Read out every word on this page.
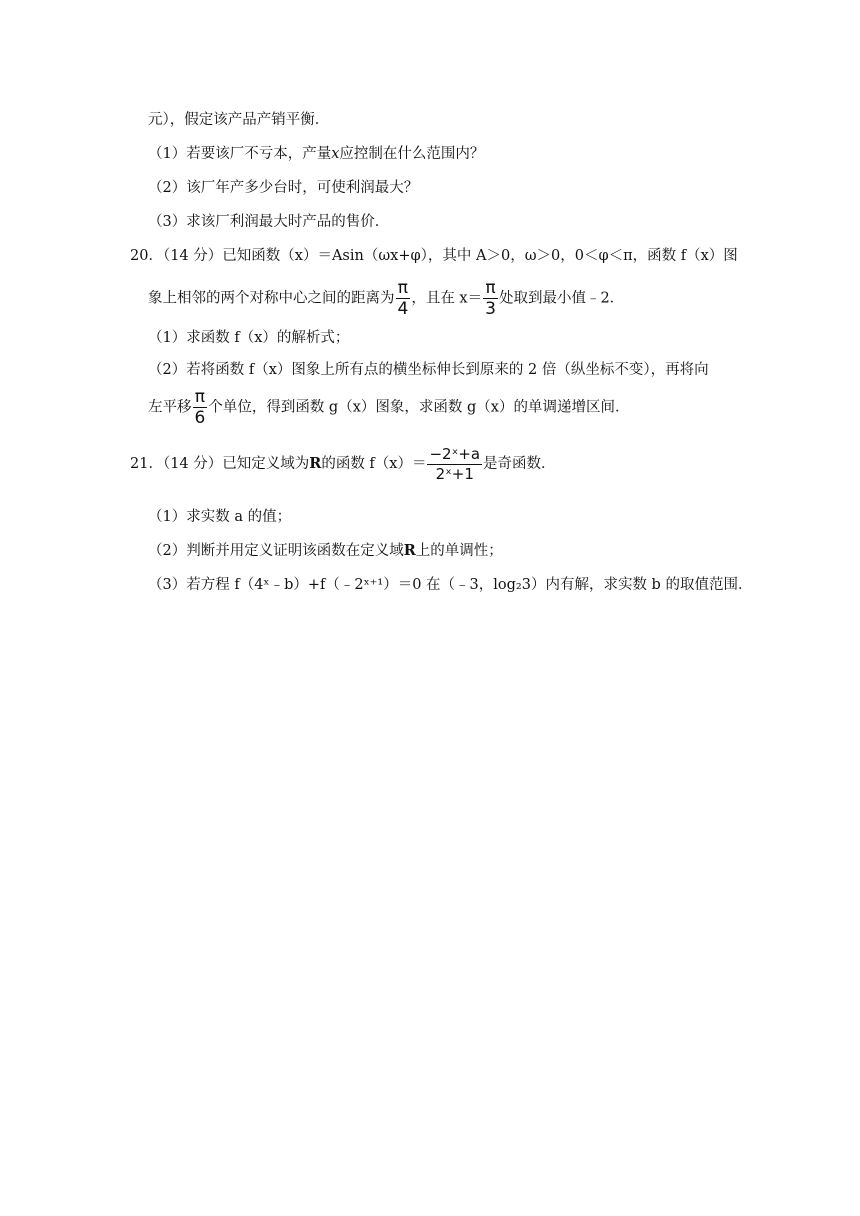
元），假定该产品产销平衡．
（1）若要该厂不亏本，产量x应控制在什么范围内？
（2）该厂年产多少台时，可使利润最大？
（3）求该厂利润最大时产品的售价．
20．（14 分）已知函数（x）＝Asin（ωx+φ），其中 A＞0，ω＞0，0＜φ＜π，函数 f（x）图
象上相邻的两个对称中心之间的距离为 $\frac{\pi}{4}$ ，且在 $x= \frac{\pi}{3}$ 处取到最小值﹣2．
（1）求函数 f（x）的解析式；
（2）若将函数 f（x）图象上所有点的横坐标伸长到原来的 2 倍（纵坐标不变），再将向
左平移 $\frac{\pi}{6}$ 个单位，得到函数 g（x）图象，求函数 g（x）的单调递增区间．
21．（14 分）已知定义域为R的函数 $f(x)= \frac{\text{−2ˣ+a}}{\text{2ˣ+1}}$ 是奇函数．
（1）求实数 a 的值；
（2）判断并用定义证明该函数在定义域R上的单调性；
（3）若方程 f（4ˣ﹣b）+f（﹣2ˣ⁺¹）＝0 在（﹣3，log₂3）内有解，求实数 b 的取值范围．
